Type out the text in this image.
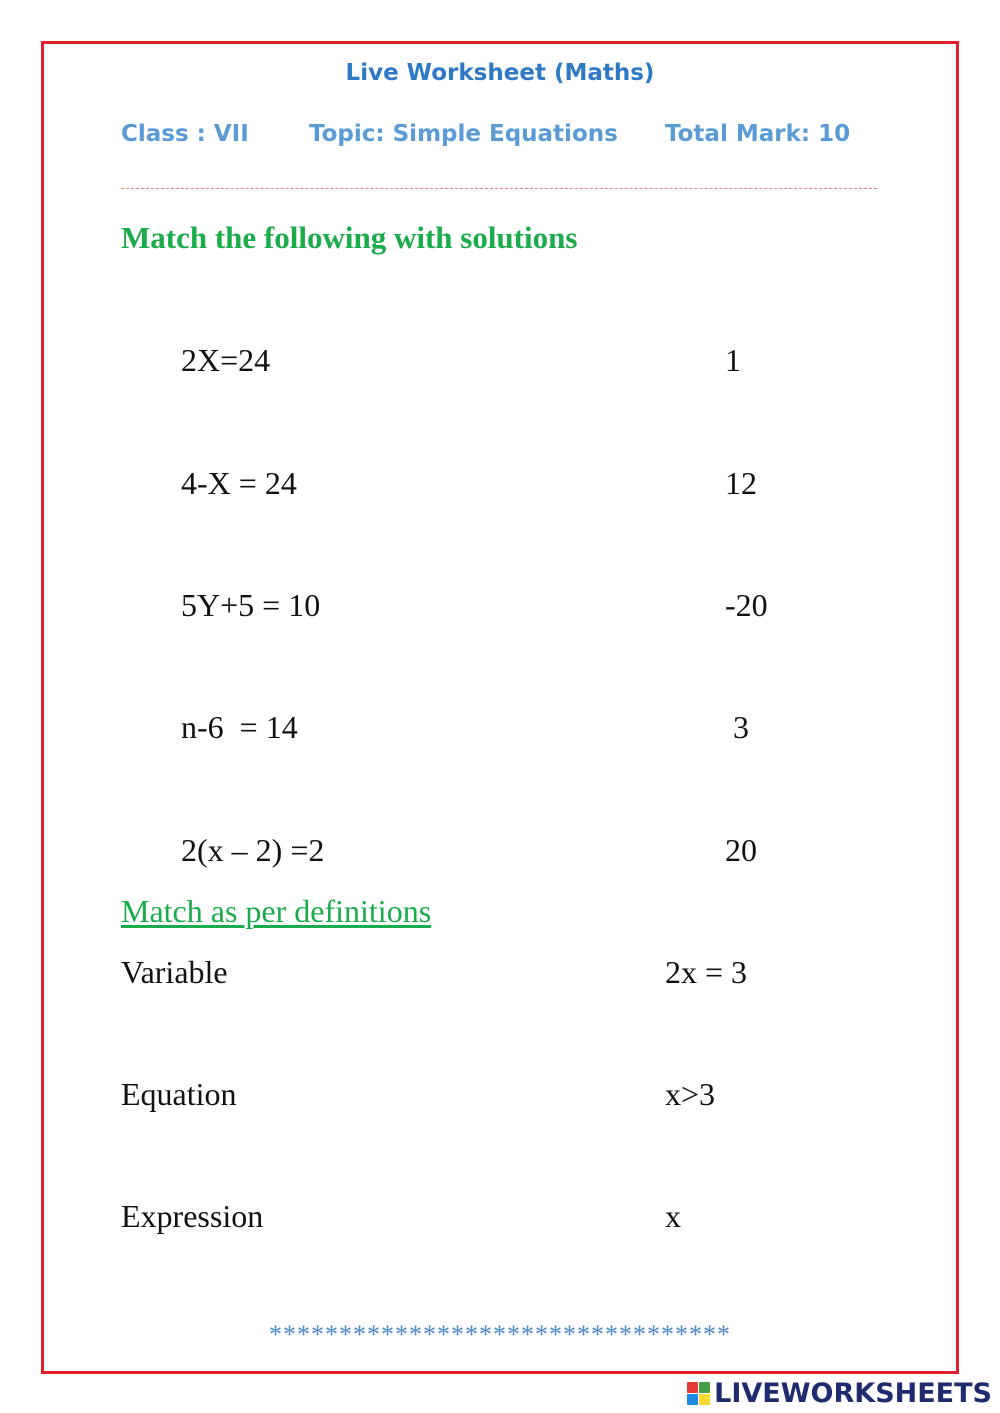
Live Worksheet (Maths)
Class : VII	Topic: Simple Equations Total Mark: 10
Match the following with solutions
2X=24	1
4-X = 24	12
5Y+5 = 10	-20
n-6  = 14	3
2(x – 2) =2	20
Match as per definitions
Variable	2x = 3
Equation	x>3
Expression	x
*********************************
LIVEWORKSHEETS
